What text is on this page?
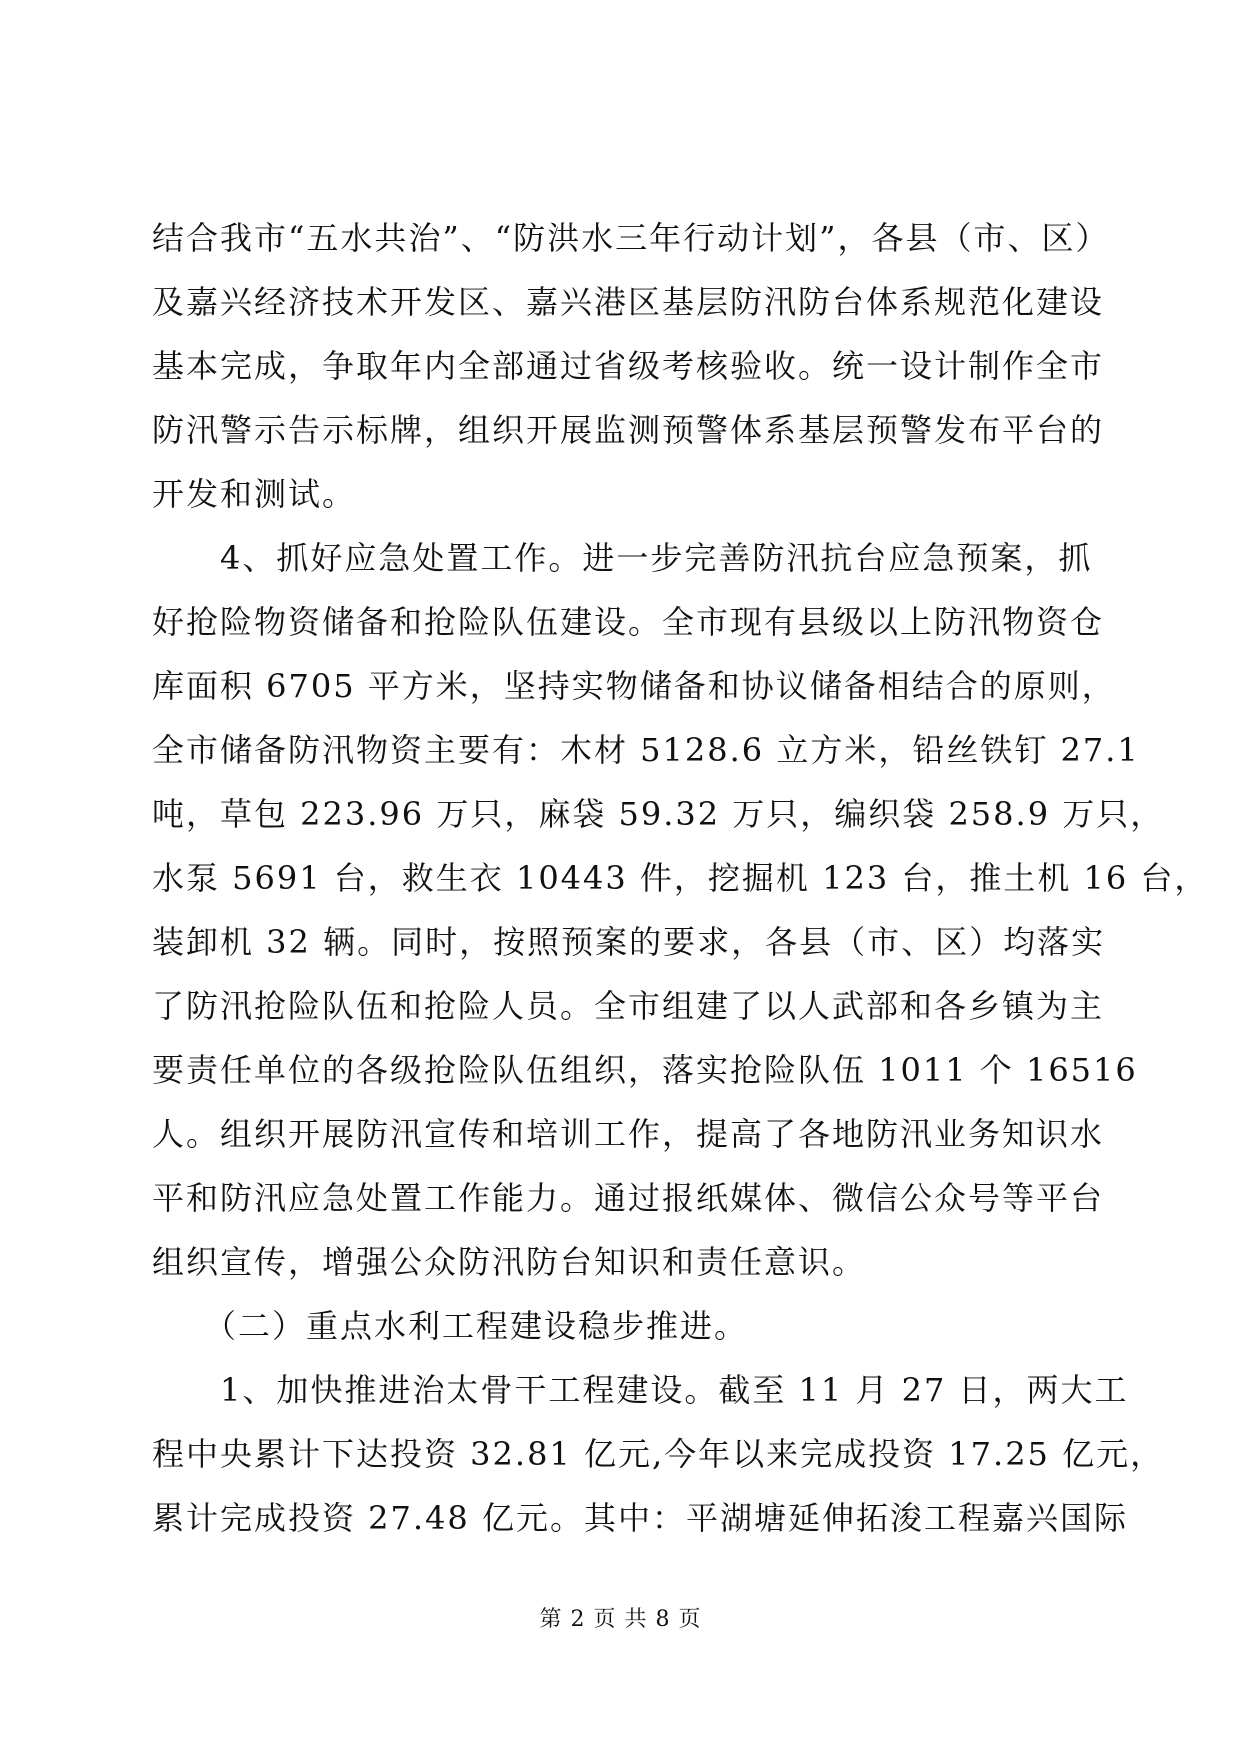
结合我市“五水共治”、“防洪水三年行动计划”，各县（市、区）
及嘉兴经济技术开发区、嘉兴港区基层防汛防台体系规范化建设
基本完成，争取年内全部通过省级考核验收。统一设计制作全市
防汛警示告示标牌，组织开展监测预警体系基层预警发布平台的
开发和测试。
　　4、抓好应急处置工作。进一步完善防汛抗台应急预案，抓
好抢险物资储备和抢险队伍建设。全市现有县级以上防汛物资仓
库面积 6705 平方米，坚持实物储备和协议储备相结合的原则，
全市储备防汛物资主要有：木材 5128.6 立方米，铅丝铁钉 27.1
吨，草包 223.96 万只，麻袋 59.32 万只，编织袋 258.9 万只，
水泵 5691 台，救生衣 10443 件，挖掘机 123 台，推土机 16 台，
装卸机 32 辆。同时，按照预案的要求，各县（市、区）均落实
了防汛抢险队伍和抢险人员。全市组建了以人武部和各乡镇为主
要责任单位的各级抢险队伍组织，落实抢险队伍 1011 个 16516
人。组织开展防汛宣传和培训工作，提高了各地防汛业务知识水
平和防汛应急处置工作能力。通过报纸媒体、微信公众号等平台
组织宣传，增强公众防汛防台知识和责任意识。
　　（二）重点水利工程建设稳步推进。
　　1、加快推进治太骨干工程建设。截至 11 月 27 日，两大工
程中央累计下达投资 32.81 亿元,今年以来完成投资 17.25 亿元，
累计完成投资 27.48 亿元。其中：平湖塘延伸拓浚工程嘉兴国际
第 2 页 共 8 页
